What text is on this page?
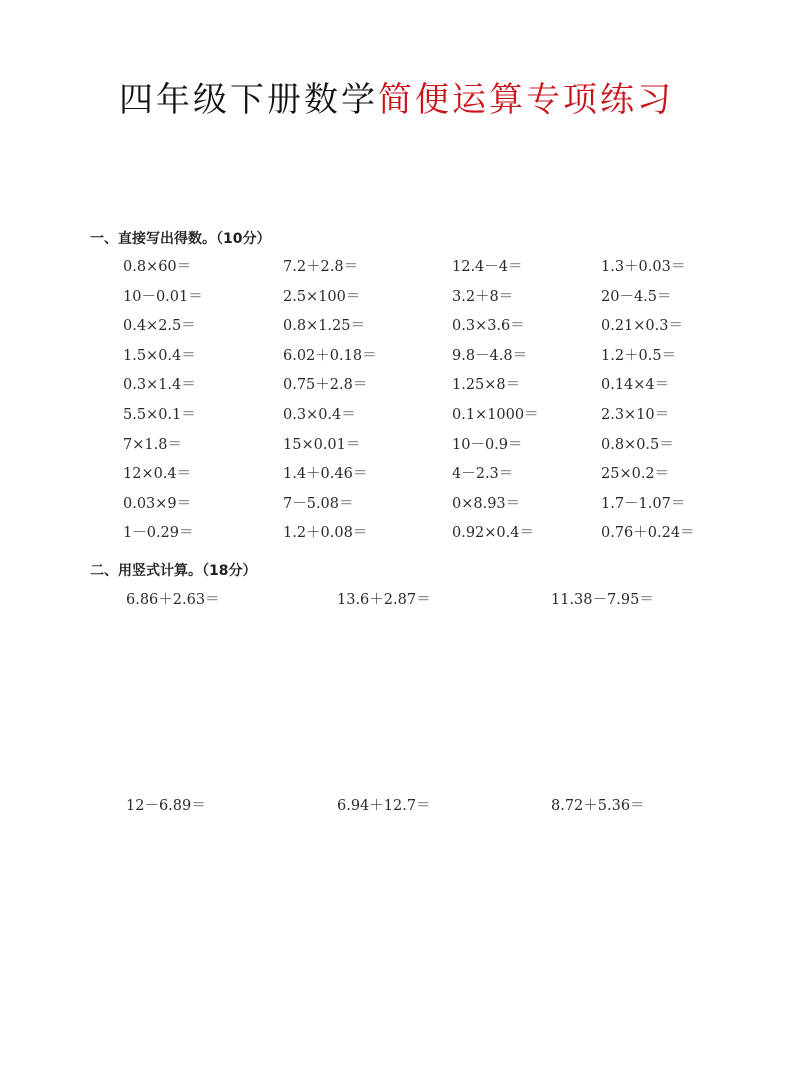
四年级下册数学简便运算专项练习
一、直接写出得数。（10分）
0.8×60＝	7.2＋2.8＝	12.4－4＝	1.3＋0.03＝
10－0.01＝	2.5×100＝	3.2＋8＝	20－4.5＝
0.4×2.5＝	0.8×1.25＝	0.3×3.6＝	0.21×0.3＝
1.5×0.4＝	6.02＋0.18＝	9.8－4.8＝	1.2＋0.5＝
0.3×1.4＝	0.75＋2.8＝	1.25×8＝	0.14×4＝
5.5×0.1＝	0.3×0.4＝	0.1×1000＝	2.3×10＝
7×1.8＝	15×0.01＝	10－0.9＝	0.8×0.5＝
12×0.4＝	1.4＋0.46＝	4－2.3＝	25×0.2＝
0.03×9＝	7－5.08＝	0×8.93＝	1.7－1.07＝
1－0.29＝	1.2＋0.08＝	0.92×0.4＝	0.76＋0.24＝
二、用竖式计算。（18分）
6.86＋2.63＝	13.6＋2.87＝	11.38－7.95＝
12－6.89＝	6.94＋12.7＝	8.72＋5.36＝
